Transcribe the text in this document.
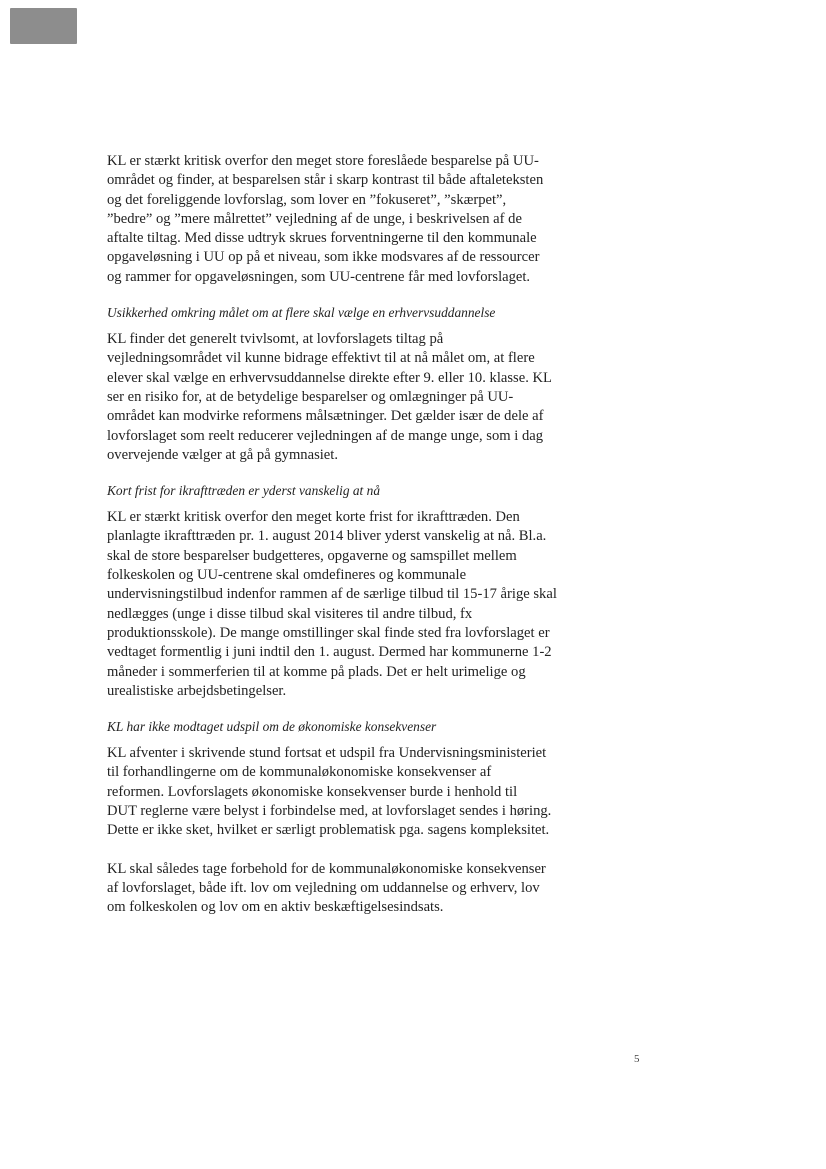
KL er stærkt kritisk overfor den meget store foreslåede besparelse på UU-
området og finder, at besparelsen står i skarp kontrast til både aftaleteksten
og det foreliggende lovforslag, som lover en ”fokuseret”, ”skærpet”,
”bedre” og ”mere målrettet” vejledning af de unge, i beskrivelsen af de
aftalte tiltag. Med disse udtryk skrues forventningerne til den kommunale
opgaveløsning i UU op på et niveau, som ikke modsvares af de ressourcer
og rammer for opgaveløsningen, som UU-centrene får med lovforslaget.
Usikkerhed omkring målet om at flere skal vælge en erhvervsuddannelse
KL finder det generelt tvivlsomt, at lovforslagets tiltag på
vejledningsområdet vil kunne bidrage effektivt til at nå målet om, at flere
elever skal vælge en erhvervsuddannelse direkte efter 9. eller 10. klasse. KL
ser en risiko for, at de betydelige besparelser og omlægninger på UU-
området kan modvirke reformens målsætninger. Det gælder især de dele af
lovforslaget som reelt reducerer vejledningen af de mange unge, som i dag
overvejende vælger at gå på gymnasiet.
Kort frist for ikrafttræden er yderst vanskelig at nå
KL er stærkt kritisk overfor den meget korte frist for ikrafttræden. Den
planlagte ikrafttræden pr. 1. august 2014 bliver yderst vanskelig at nå. Bl.a.
skal de store besparelser budgetteres, opgaverne og samspillet mellem
folkeskolen og UU-centrene skal omdefineres og kommunale
undervisningstilbud indenfor rammen af de særlige tilbud til 15-17 årige skal
nedlægges (unge i disse tilbud skal visiteres til andre tilbud, fx
produktionsskole). De mange omstillinger skal finde sted fra lovforslaget er
vedtaget formentlig i juni indtil den 1. august. Dermed har kommunerne 1-2
måneder i sommerferien til at komme på plads. Det er helt urimelige og
urealistiske arbejdsbetingelser.
KL har ikke modtaget udspil om de økonomiske konsekvenser
KL afventer i skrivende stund fortsat et udspil fra Undervisningsministeriet
til forhandlingerne om de kommunaløkonomiske konsekvenser af
reformen. Lovforslagets økonomiske konsekvenser burde i henhold til
DUT reglerne være belyst i forbindelse med, at lovforslaget sendes i høring.
Dette er ikke sket, hvilket er særligt problematisk pga. sagens kompleksitet.
KL skal således tage forbehold for de kommunaløkonomiske konsekvenser
af lovforslaget, både ift. lov om vejledning om uddannelse og erhverv, lov
om folkeskolen og lov om en aktiv beskæftigelsesindsats.
5
